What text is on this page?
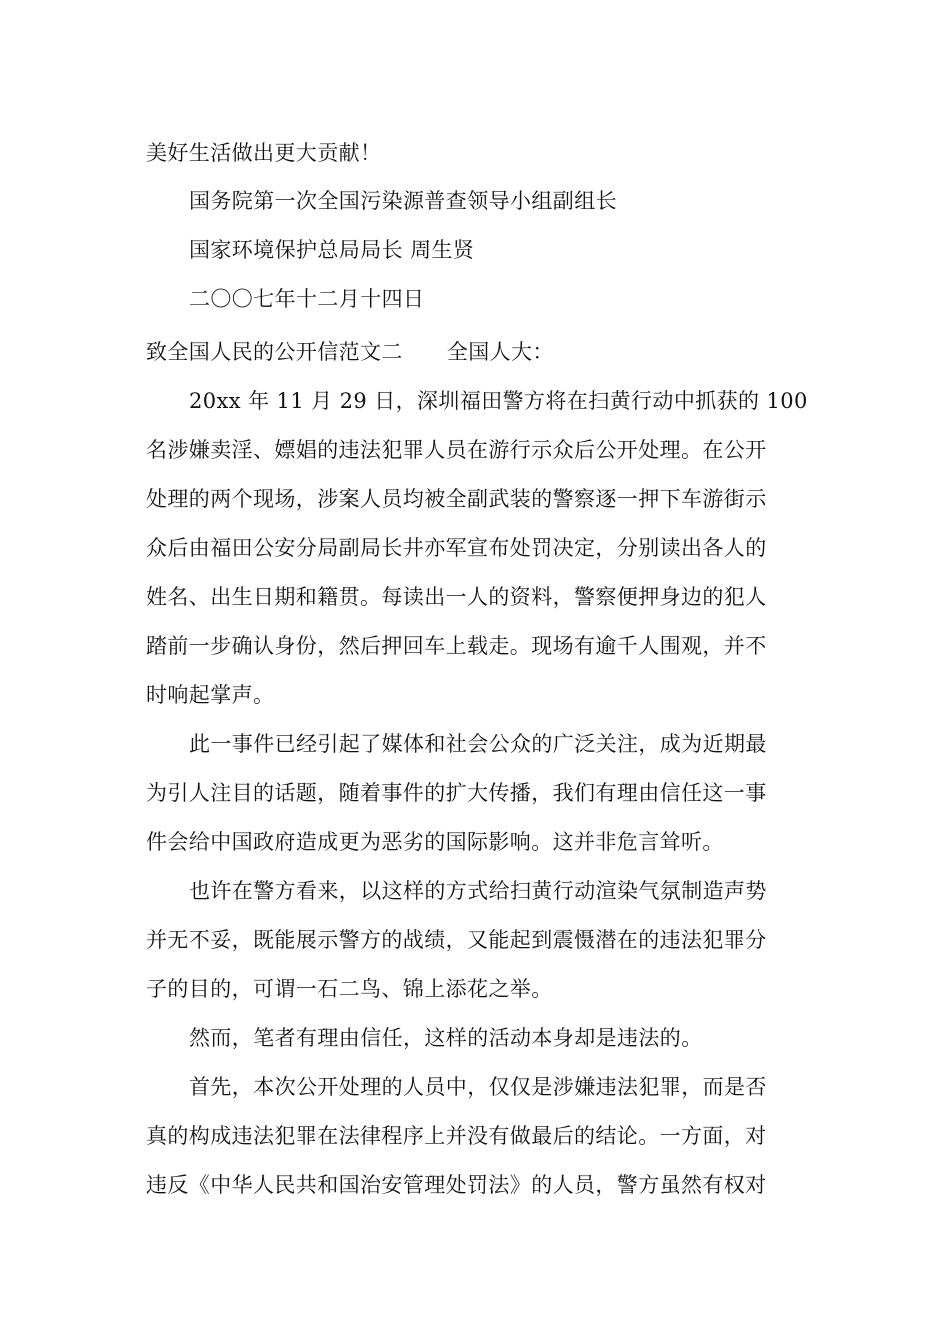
美好生活做出更大贡献！
国务院第一次全国污染源普查领导小组副组长
国家环境保护总局局长 周生贤
二〇〇七年十二月十四日
致全国人民的公开信范文二 全国人大：
20xx 年 11 月 29 日，深圳福田警方将在扫黄行动中抓获的 100
名涉嫌卖淫、嫖娼的违法犯罪人员在游行示众后公开处理。在公开
处理的两个现场，涉案人员均被全副武装的警察逐一押下车游街示
众后由福田公安分局副局长井亦军宣布处罚决定，分别读出各人的
姓名、出生日期和籍贯。每读出一人的资料，警察便押身边的犯人
踏前一步确认身份，然后押回车上载走。现场有逾千人围观，并不
时响起掌声。
此一事件已经引起了媒体和社会公众的广泛关注，成为近期最
为引人注目的话题，随着事件的扩大传播，我们有理由信任这一事
件会给中国政府造成更为恶劣的国际影响。这并非危言耸听。
也许在警方看来，以这样的方式给扫黄行动渲染气氛制造声势
并无不妥，既能展示警方的战绩，又能起到震慑潜在的违法犯罪分
子的目的，可谓一石二鸟、锦上添花之举。
然而，笔者有理由信任，这样的活动本身却是违法的。
首先，本次公开处理的人员中，仅仅是涉嫌违法犯罪，而是否
真的构成违法犯罪在法律程序上并没有做最后的结论。一方面，对
违反《中华人民共和国治安管理处罚法》的人员，警方虽然有权对
